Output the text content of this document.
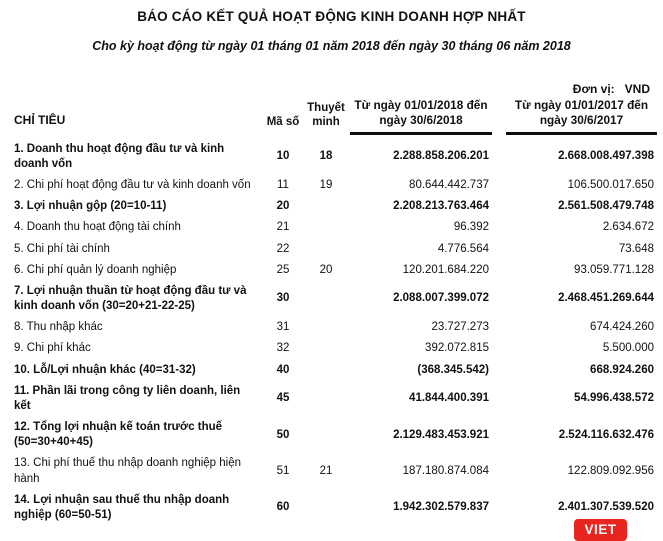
BÁO CÁO KẾT QUẢ HOẠT ĐỘNG KINH DOANH HỢP NHẤT
Cho kỳ hoạt động từ ngày 01 tháng 01 năm 2018 đến ngày 30 tháng 06 năm 2018
Đơn vị: VND
CHỈ TIÊU	Mã số	Thuyết minh	Từ ngày 01/01/2018 đến ngày 30/6/2018	Từ ngày 01/01/2017 đến ngày 30/6/2017

1. Doanh thu hoạt động đầu tư và kinh doanh vốn	10	18	2.288.858.206.201	2.668.008.497.398
2. Chi phí hoạt động đầu tư và kinh doanh vốn	11	19	80.644.442.737	106.500.017.650
3. Lợi nhuận gộp (20=10-11)	20		2.208.213.763.464	2.561.508.479.748
4. Doanh thu hoạt động tài chính	21		96.392	2.634.672
5. Chi phí tài chính	22		4.776.564	73.648
6. Chi phí quản lý doanh nghiệp	25	20	120.201.684.220	93.059.771.128
7. Lợi nhuận thuần từ hoạt động đầu tư và kinh doanh vốn (30=20+21-22-25)	30		2.088.007.399.072	2.468.451.269.644
8. Thu nhập khác	31		23.727.273	674.424.260
9. Chi phí khác	32		392.072.815	5.500.000
10. Lỗ/Lợi nhuận khác (40=31-32)	40		(368.345.542)	668.924.260
11. Phần lãi trong công ty liên doanh, liên kết	45		41.844.400.391	54.996.438.572
12. Tổng lợi nhuận kế toán trước thuế (50=30+40+45)	50		2.129.483.453.921	2.524.116.632.476
13. Chi phí thuế thu nhập doanh nghiệp hiện hành	51	21	187.180.874.084	122.809.092.956
14. Lợi nhuận sau thuế thu nhập doanh nghiệp (60=50-51)	60		1.942.302.579.837	2.401.307.539.520
VIET
